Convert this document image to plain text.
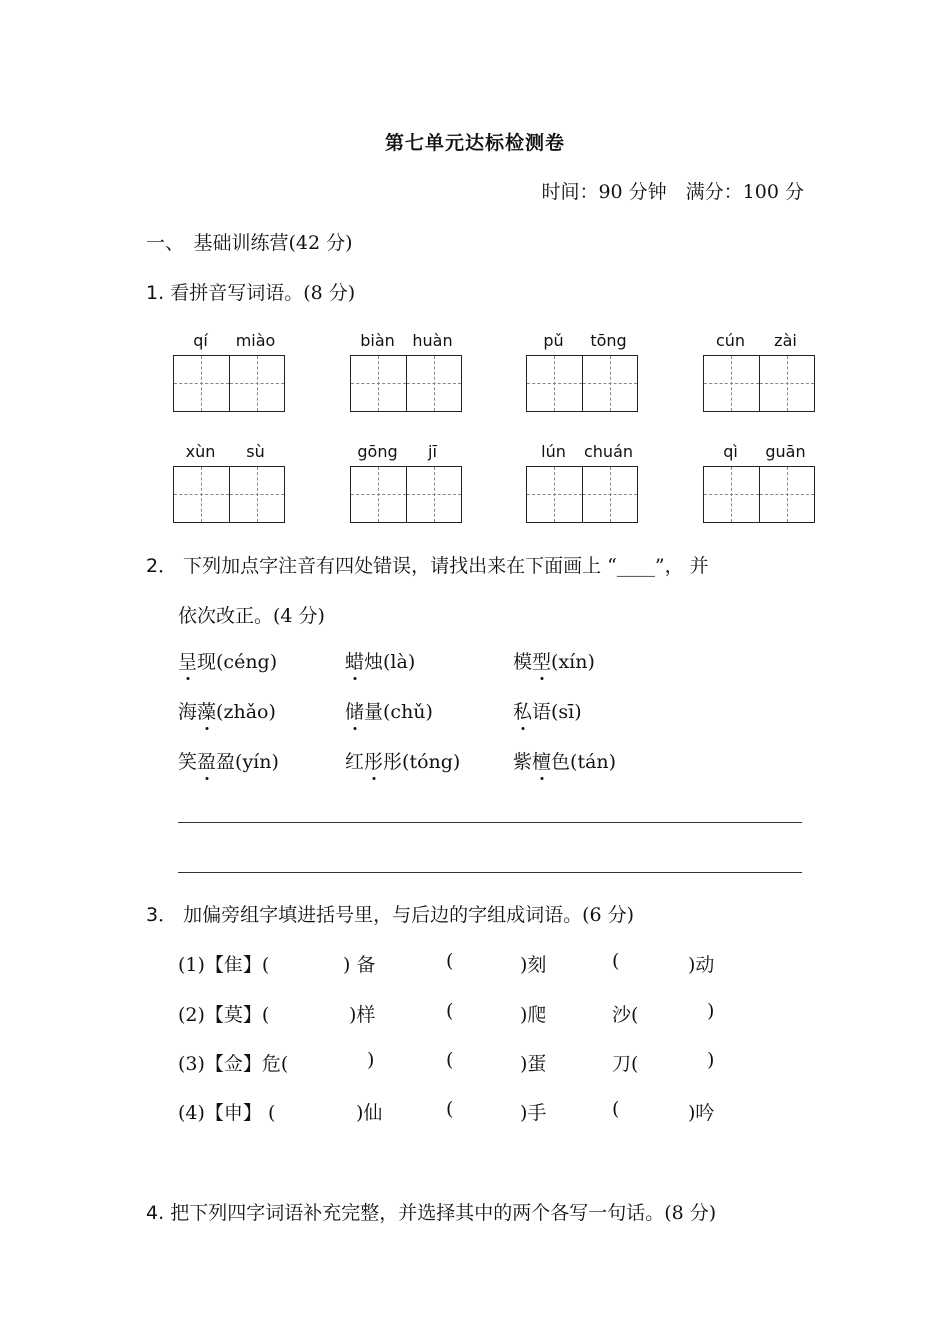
第七单元达标检测卷
时间：90 分钟　满分：100 分
一、　基础训练营(42 分)
1. 看拼音写词语。(8 分)
qí	miào	biàn	huàn	pǔ	tōng	cún	zài
xùn	sù	gōng	jī	lún	chuán	qì	guān
2． 下列加点字注音有四处错误，请找出来在下面画上 “____”， 并
依次改正。(4 分)
呈现(céng)	蜡烛(là)	模型(xín)
海藻(zhǎo)	储量(chǔ)	私语(sī)
笑盈盈(yín)	红彤彤(tóng)	紫檀色(tán)
3． 加偏旁组字填进括号里，与后边的字组成词语。(6 分)
(1)【隹】(	) 备	(	)刻	(	)动
(2)【莫】(	)样	(	)爬	沙(	)
(3)【佥】危(	)	(	)蛋	刀(	)
(4)【申】 (	)仙	(	)手	(	)吟
4. 把下列四字词语补充完整，并选择其中的两个各写一句话。(8 分)
